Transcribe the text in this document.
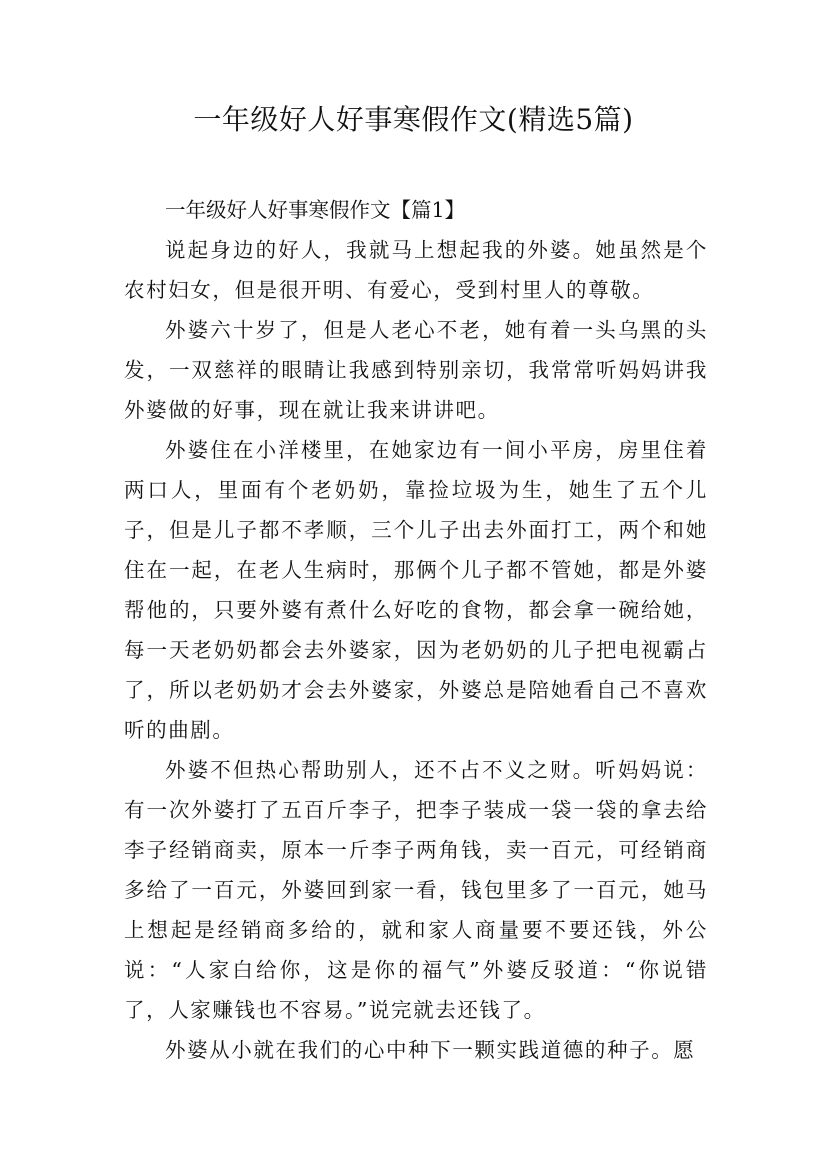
一年级好人好事寒假作文(精选5篇)

一年级好人好事寒假作文【篇1】

说起身边的好人，我就马上想起我的外婆。她虽然是个农村妇女，但是很开明、有爱心，受到村里人的尊敬。

外婆六十岁了，但是人老心不老，她有着一头乌黑的头发，一双慈祥的眼睛让我感到特别亲切，我常常听妈妈讲我外婆做的好事，现在就让我来讲讲吧。

外婆住在小洋楼里，在她家边有一间小平房，房里住着两口人，里面有个老奶奶，靠捡垃圾为生，她生了五个儿子，但是儿子都不孝顺，三个儿子出去外面打工，两个和她住在一起，在老人生病时，那俩个儿子都不管她，都是外婆帮他的，只要外婆有煮什么好吃的食物，都会拿一碗给她，每一天老奶奶都会去外婆家，因为老奶奶的儿子把电视霸占了，所以老奶奶才会去外婆家，外婆总是陪她看自己不喜欢听的曲剧。

外婆不但热心帮助别人，还不占不义之财。听妈妈说：有一次外婆打了五百斤李子，把李子装成一袋一袋的拿去给李子经销商卖，原本一斤李子两角钱，卖一百元，可经销商多给了一百元，外婆回到家一看，钱包里多了一百元，她马上想起是经销商多给的，就和家人商量要不要还钱，外公说：“人家白给你，这是你的福气”外婆反驳道：“你说错了，人家赚钱也不容易。”说完就去还钱了。

外婆从小就在我们的心中种下一颗实践道德的种子。愿
